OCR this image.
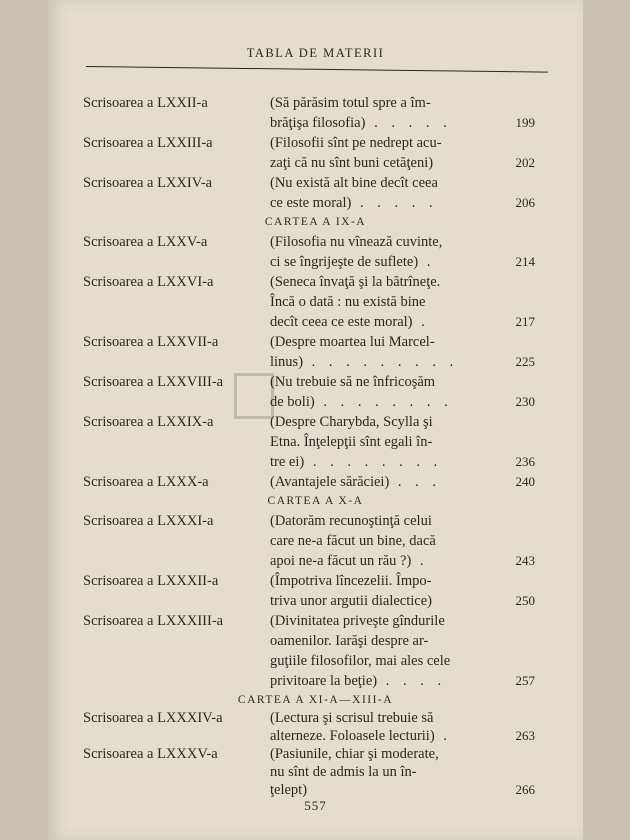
TABLA DE MATERII
Scrisoarea a LXXII-a	(Să părăsim totul spre a îm-
brăţişa filosofia) . . . . .	199
Scrisoarea a LXXIII-a	(Filosofii sînt pe nedrept acu-
zaţi că nu sînt buni cetăţeni)	202
Scrisoarea a LXXIV-a	(Nu există alt bine decît ceea
ce este moral) . . . . .	206
CARTEA A IX-A
Scrisoarea a LXXV-a	(Filosofia nu vînează cuvinte,
ci se îngrijeşte de suflete) .	214
Scrisoarea a LXXVI-a	(Seneca învaţă şi la bătrîneţe.
Încă o dată : nu există bine
decît ceea ce este moral) .	217
Scrisoarea a LXXVII-a	(Despre moartea lui Marcel-
linus) . . . . . . . . .	225
Scrisoarea a LXXVIII-a	(Nu trebuie să ne înfricoşăm
de boli) . . . . . . . .	230
Scrisoarea a LXXIX-a	(Despre Charybda, Scylla şi
Etna. Înţelepţii sînt egali în-
tre ei) . . . . . . . .	236
Scrisoarea a LXXX-a	(Avantajele sărăciei) . . .	240
CARTEA A X-A
Scrisoarea a LXXXI-a	(Datorăm recunoştinţă celui
care ne-a făcut un bine, dacă
apoi ne-a făcut un rău ?) .	243
Scrisoarea a LXXXII-a	(Împotriva lîncezelii. Împo-
triva unor argutii dialectice)	250
Scrisoarea a LXXXIII-a	(Divinitatea priveşte gîndurile
oamenilor. Iarăşi despre ar-
guţiile filosofilor, mai ales cele
privitoare la beţie) . . . .	257
CARTEA A XI-A—XIII-A
Scrisoarea a LXXXIV-a	(Lectura şi scrisul trebuie să
alterneze. Foloasele lecturii) .	263
Scrisoarea a LXXXV-a	(Pasiunile, chiar şi moderate,
nu sînt de admis la un în-
ţelept)	266
557
